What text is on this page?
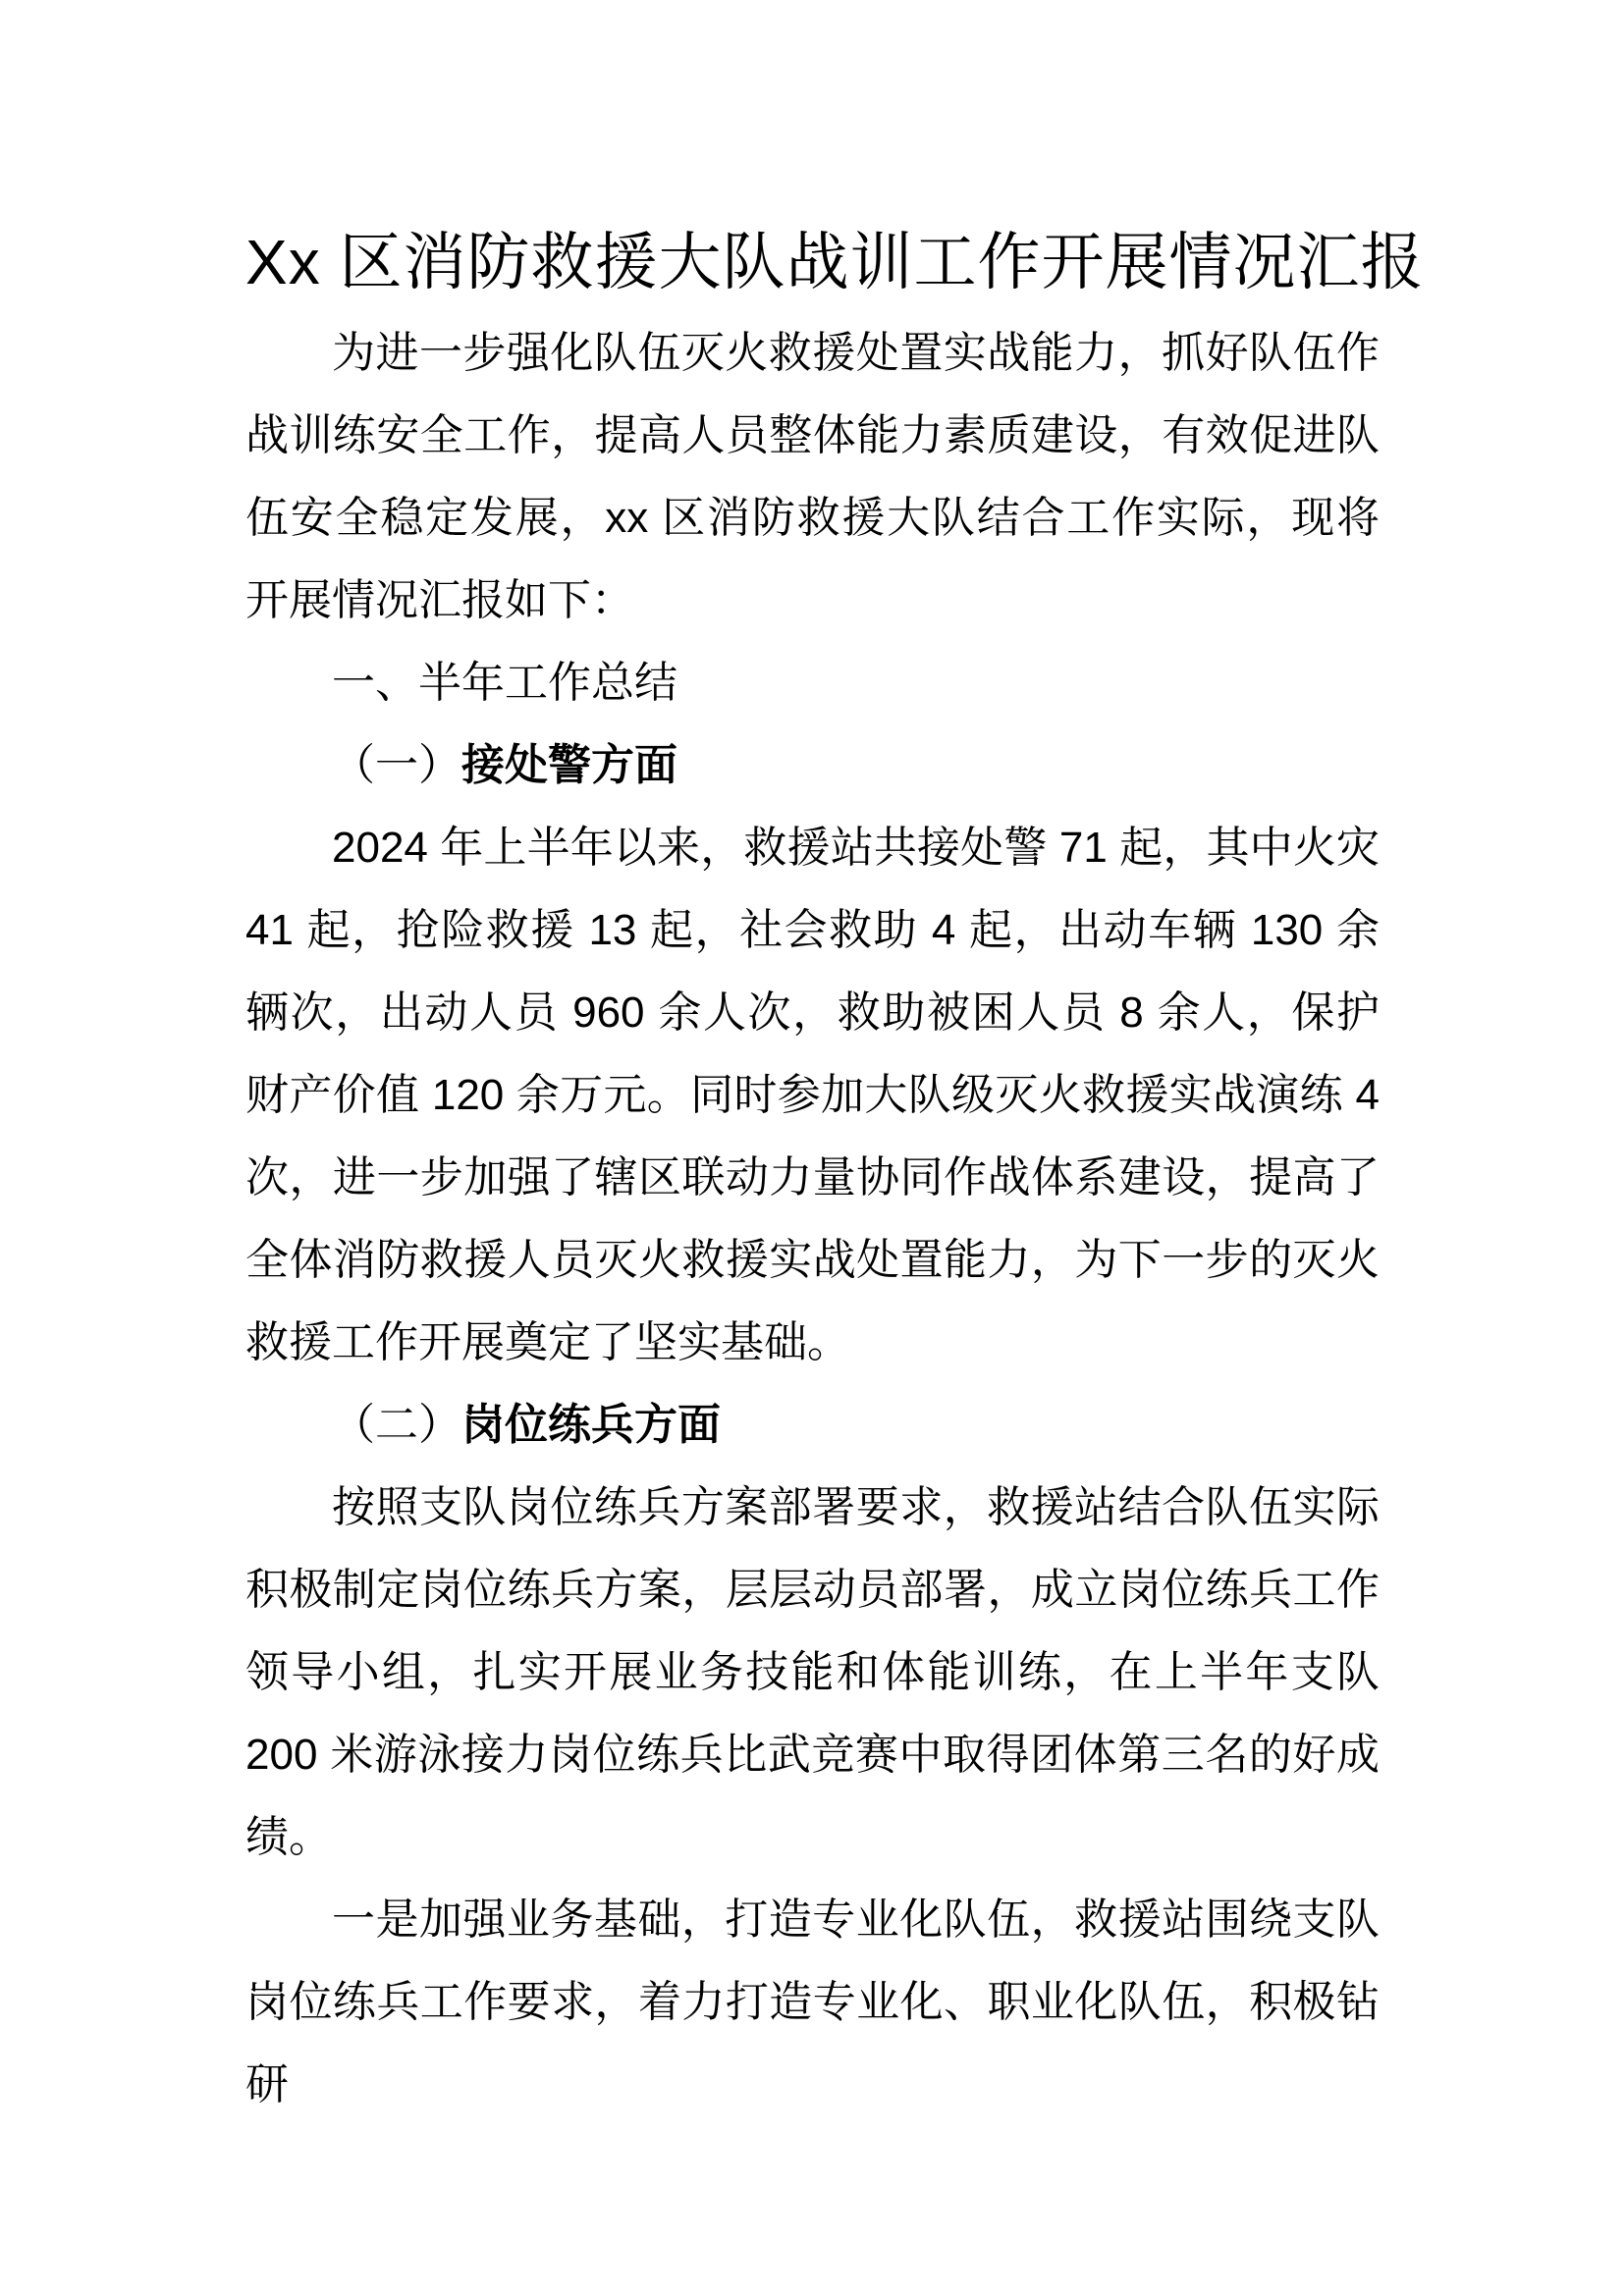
Xx 区消防救援大队战训工作开展情况汇报

为进一步强化队伍灭火救援处置实战能力，抓好队伍作战训练安全工作，提高人员整体能力素质建设，有效促进队伍安全稳定发展，xx 区消防救援大队结合工作实际，现将开展情况汇报如下：

一、半年工作总结
（一）接处警方面

2024 年上半年以来，救援站共接处警 71 起，其中火灾 41 起，抢险救援 13 起，社会救助 4 起，出动车辆 130 余辆次，出动人员 960 余人次，救助被困人员 8 余人，保护财产价值 120 余万元。同时参加大队级灭火救援实战演练 4 次，进一步加强了辖区联动力量协同作战体系建设，提高了全体消防救援人员灭火救援实战处置能力，为下一步的灭火救援工作开展奠定了坚实基础。

（二）岗位练兵方面

按照支队岗位练兵方案部署要求，救援站结合队伍实际积极制定岗位练兵方案，层层动员部署，成立岗位练兵工作领导小组，扎实开展业务技能和体能训练，在上半年支队 200 米游泳接力岗位练兵比武竞赛中取得团体第三名的好成绩。

一是加强业务基础，打造专业化队伍，救援站围绕支队岗位练兵工作要求，着力打造专业化、职业化队伍，积极钻研
